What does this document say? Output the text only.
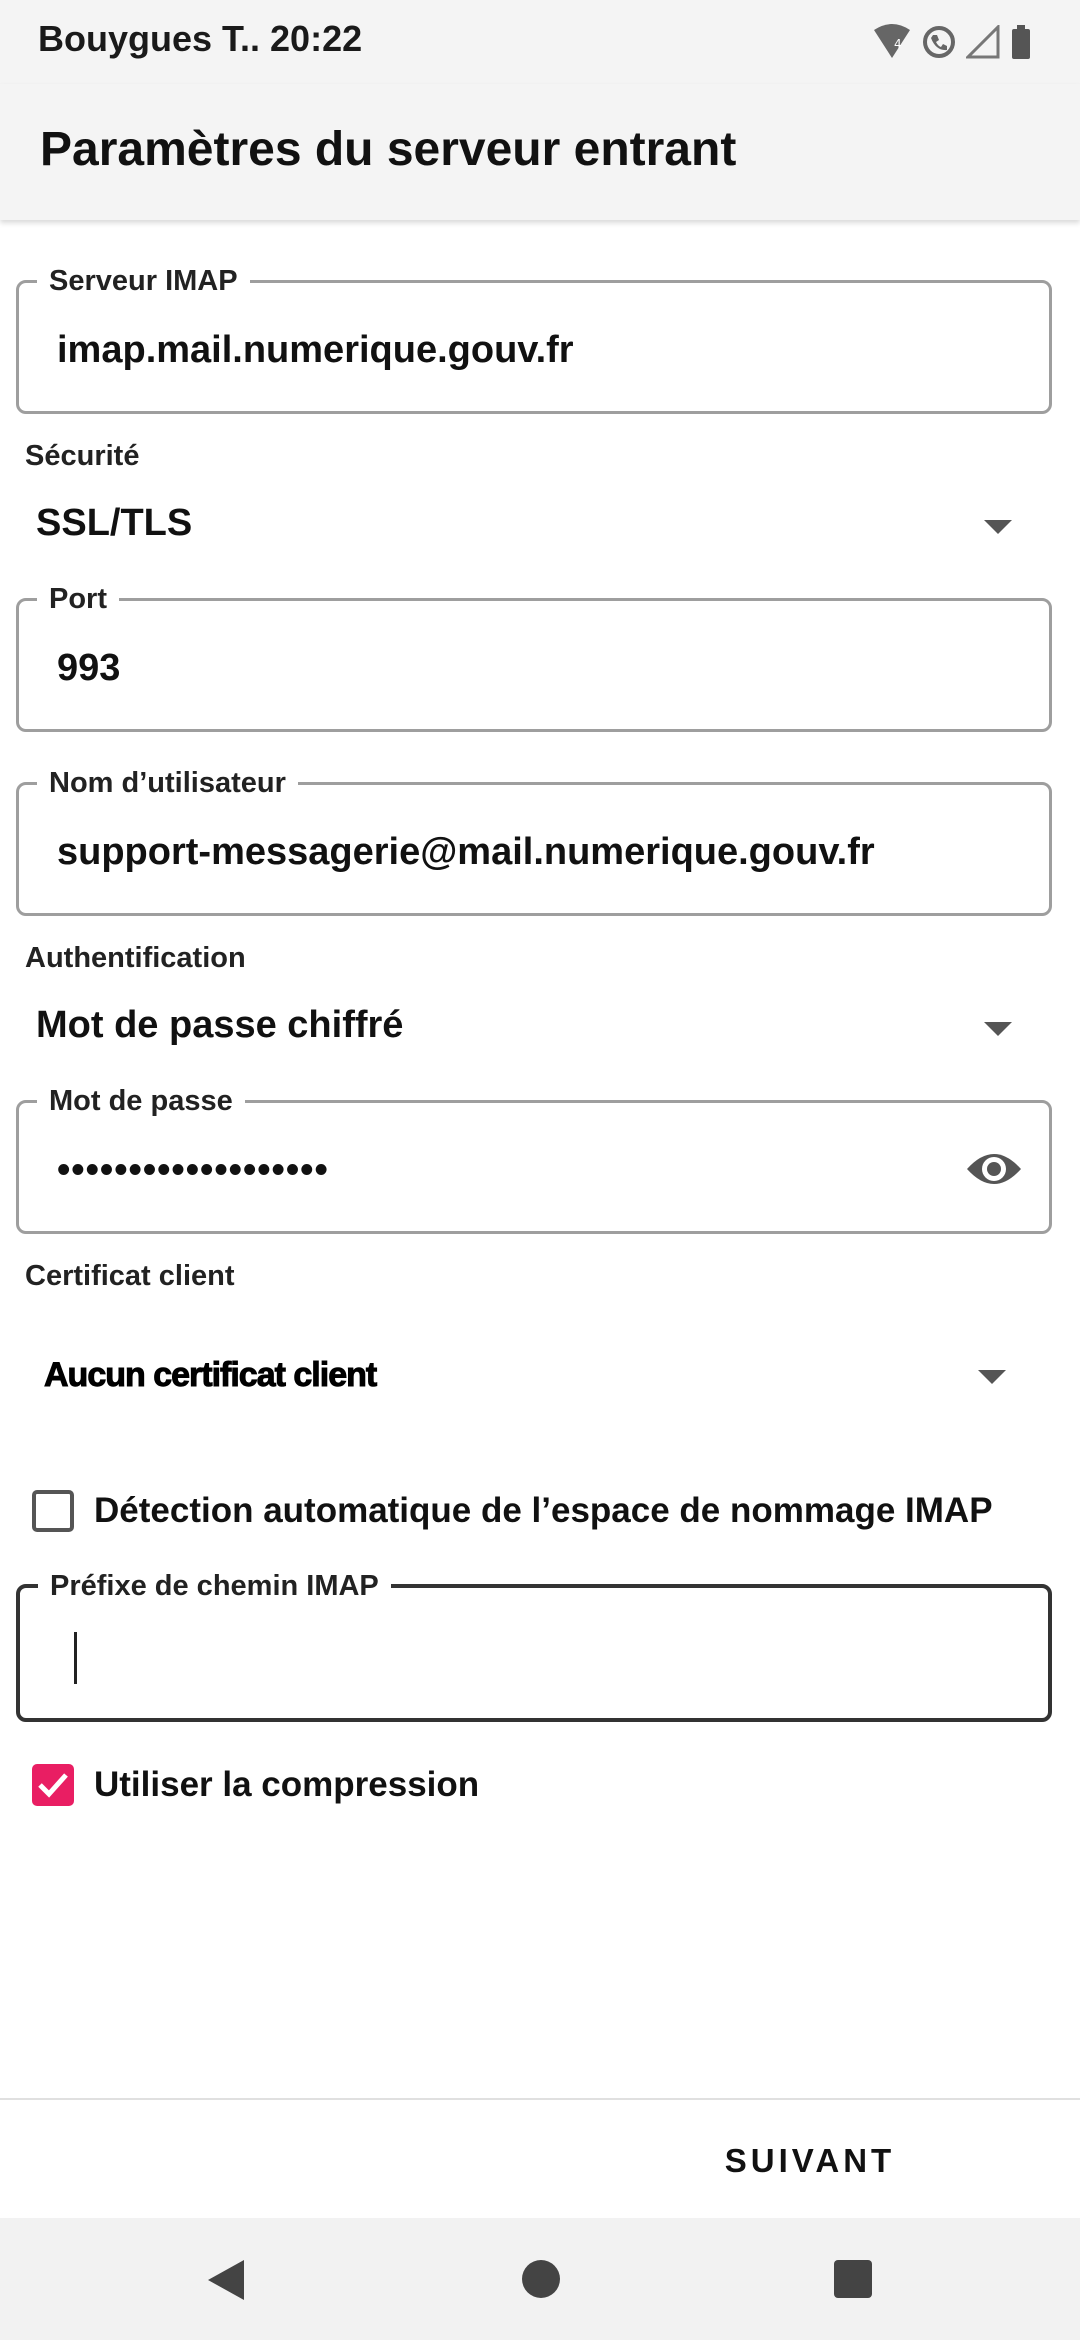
Bouygues T.. 20:22	4
Paramètres du serveur entrant
Serveur IMAP
imap.mail.numerique.gouv.fr
Sécurité
SSL/TLS
Port
993
Nom d’utilisateur
support-messagerie@mail.numerique.gouv.fr
Authentification
Mot de passe chiffré
Mot de passe
•••••••••••••••••••
Certificat client
Aucun certificat client
Détection automatique de l’espace de nommage IMAP
Préfixe de chemin IMAP
Utiliser la compression
SUIVANT
